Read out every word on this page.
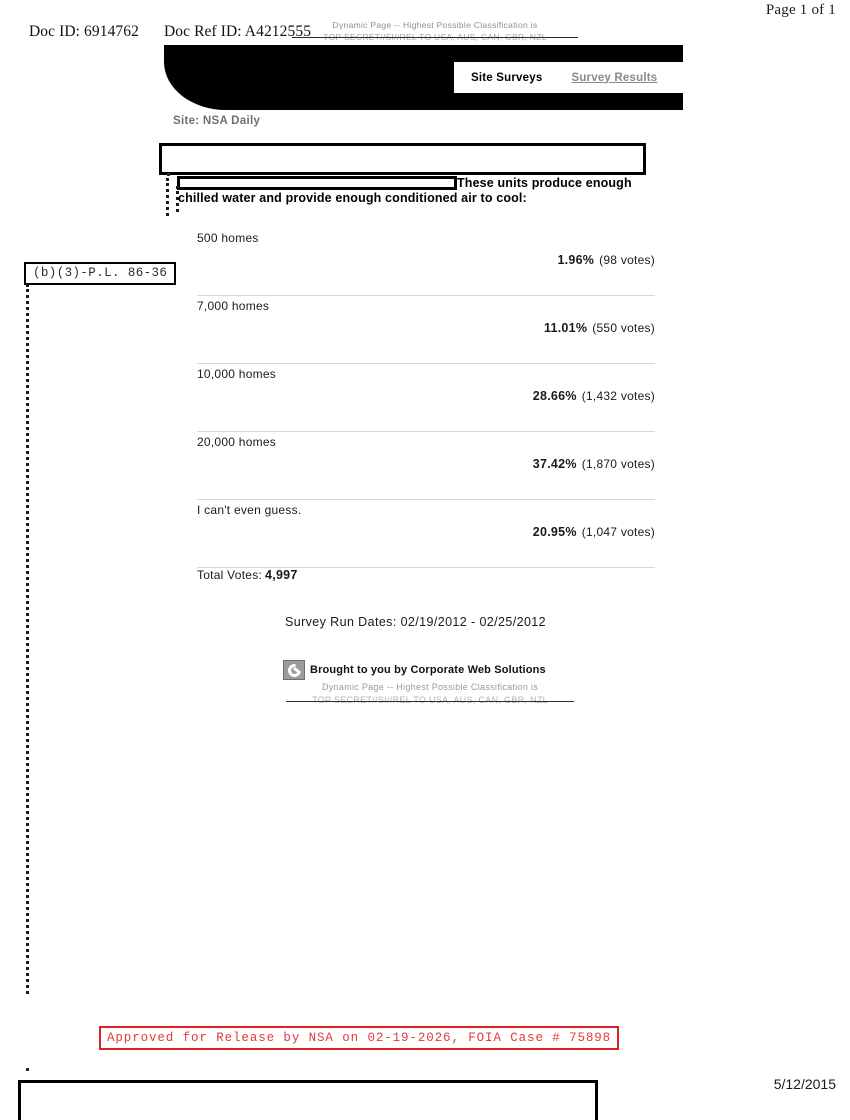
Page 1 of 1
Doc ID: 6914762 Doc Ref ID: A4212555
5/12/2015
Dynamic Page -- Highest Possible Classification is
TOP SECRET//SI//REL TO USA, AUS, CAN, GBR, NZL
Site Surveys	Survey Results
Site: NSA Daily
These units produce enough
chilled water and provide enough conditioned air to cool:
500 homes
1.96% (98 votes)
7,000 homes
11.01% (550 votes)
10,000 homes
28.66% (1,432 votes)
20,000 homes
37.42% (1,870 votes)
I can't even guess.
20.95% (1,047 votes)
Total Votes: 4,997
Survey Run Dates: 02/19/2012 - 02/25/2012
Brought to you by Corporate Web Solutions
Dynamic Page -- Highest Possible Classification is
TOP SECRET//SI//REL TO USA, AUS, CAN, GBR, NZL
(b)(3)-P.L. 86-36
Approved for Release by NSA on 02-19-2026, FOIA Case # 75898
